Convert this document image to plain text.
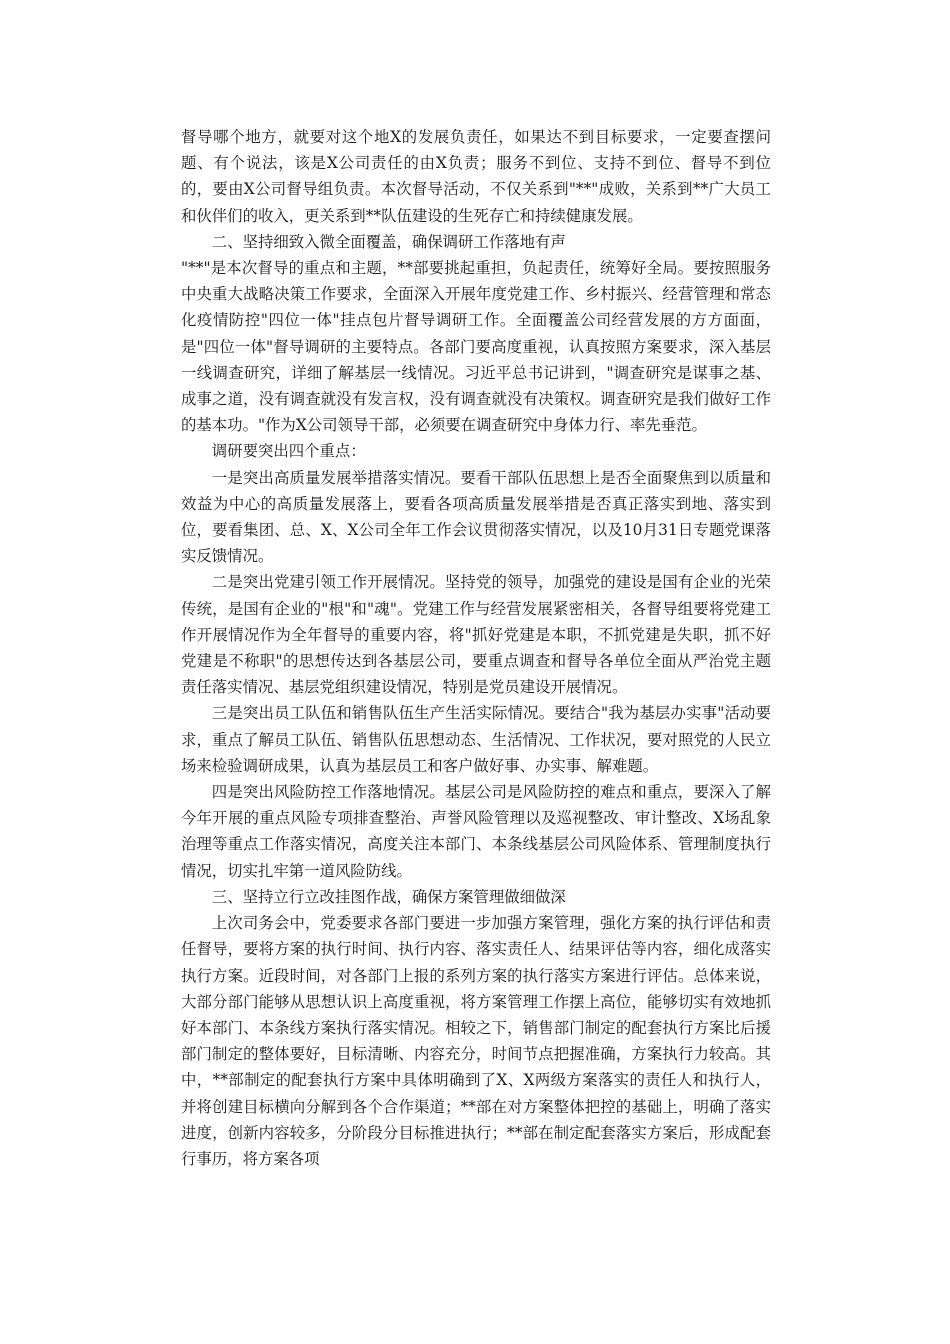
督导哪个地方，就要对这个地X的发展负责任，如果达不到目标要求，一定要查摆问题、有个说法，该是X公司责任的由X负责；服务不到位、支持不到位、督导不到位的，要由X公司督导组负责。本次督导活动，不仅关系到"**"成败，关系到**广大员工和伙伴们的收入，更关系到**队伍建设的生死存亡和持续健康发展。

二、坚持细致入微全面覆盖，确保调研工作落地有声

"**"是本次督导的重点和主题，**部要挑起重担，负起责任，统筹好全局。要按照服务中央重大战略决策工作要求，全面深入开展年度党建工作、乡村振兴、经营管理和常态化疫情防控"四位一体"挂点包片督导调研工作。全面覆盖公司经营发展的方方面面，是"四位一体"督导调研的主要特点。各部门要高度重视，认真按照方案要求，深入基层一线调查研究，详细了解基层一线情况。习近平总书记讲到，"调查研究是谋事之基、成事之道，没有调查就没有发言权，没有调查就没有决策权。调查研究是我们做好工作的基本功。"作为X公司领导干部，必须要在调查研究中身体力行、率先垂范。

调研要突出四个重点：

一是突出高质量发展举措落实情况。要看干部队伍思想上是否全面聚焦到以质量和效益为中心的高质量发展落上，要看各项高质量发展举措是否真正落实到地、落实到位，要看集团、总、X、X公司全年工作会议贯彻落实情况，以及10月31日专题党课落实反馈情况。

二是突出党建引领工作开展情况。坚持党的领导，加强党的建设是国有企业的光荣传统，是国有企业的"根"和"魂"。党建工作与经营发展紧密相关，各督导组要将党建工作开展情况作为全年督导的重要内容，将"抓好党建是本职，不抓党建是失职，抓不好党建是不称职"的思想传达到各基层公司，要重点调查和督导各单位全面从严治党主题责任落实情况、基层党组织建设情况，特别是党员建设开展情况。

三是突出员工队伍和销售队伍生产生活实际情况。要结合"我为基层办实事"活动要求，重点了解员工队伍、销售队伍思想动态、生活情况、工作状况，要对照党的人民立场来检验调研成果，认真为基层员工和客户做好事、办实事、解难题。

四是突出风险防控工作落地情况。基层公司是风险防控的难点和重点，要深入了解今年开展的重点风险专项排查整治、声誉风险管理以及巡视整改、审计整改、X场乱象治理等重点工作落实情况，高度关注本部门、本条线基层公司风险体系、管理制度执行情况，切实扎牢第一道风险防线。

三、坚持立行立改挂图作战，确保方案管理做细做深

上次司务会中，党委要求各部门要进一步加强方案管理，强化方案的执行评估和责任督导，要将方案的执行时间、执行内容、落实责任人、结果评估等内容，细化成落实执行方案。近段时间，对各部门上报的系列方案的执行落实方案进行评估。总体来说，大部分部门能够从思想认识上高度重视，将方案管理工作摆上高位，能够切实有效地抓好本部门、本条线方案执行落实情况。相较之下，销售部门制定的配套执行方案比后援部门制定的整体要好，目标清晰、内容充分，时间节点把握准确，方案执行力较高。其中，**部制定的配套执行方案中具体明确到了X、X两级方案落实的责任人和执行人，并将创建目标横向分解到各个合作渠道；**部在对方案整体把控的基础上，明确了落实进度，创新内容较多，分阶段分目标推进执行；**部在制定配套落实方案后，形成配套行事历，将方案各项
